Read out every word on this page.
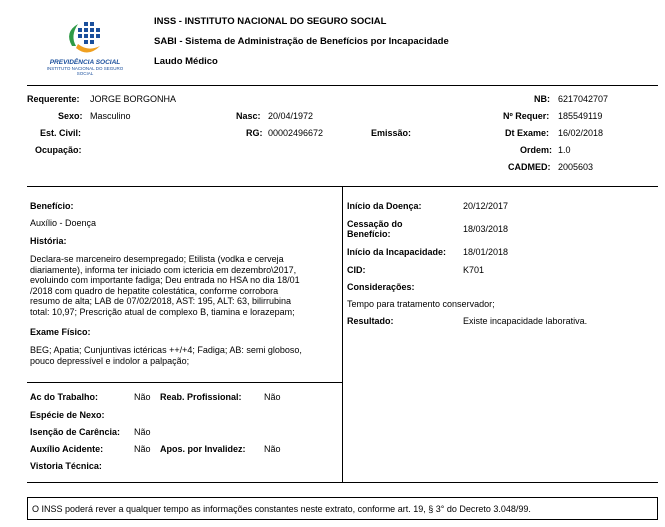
PREVIDÊNCIA SOCIAL
INSTITUTO NACIONAL DO SEGURO SOCIAL
INSS - INSTITUTO NACIONAL DO SEGURO SOCIAL
SABI - Sistema de Administração de Benefícios por Incapacidade
Laudo Médico
Requerente: JORGE BORGONHA
Sexo: Masculino	Nasc: 20/04/1972
Est. Civil:	RG: 00002496672	Emissão:
Ocupação:
NB: 6217042707
Nº Requer: 185549119
Dt Exame: 16/02/2018
Ordem: 1.0
CADMED: 2005603
Benefício:
Auxílio - Doença
História:
Declara-se marceneiro desempregado; Etilista (vodka e cerveja
diariamente), informa ter iniciado com ictericia em dezembro\2017,
evoluindo com importante fadiga; Deu entrada no HSA no dia 18/01
/2018 com quadro de hepatite colestática, conforme corrobora
resumo de alta; LAB de 07/02/2018, AST: 195, ALT: 63, bilirrubina
total: 10,97; Prescrição atual de complexo B, tiamina e lorazepam;
Exame Físico:
BEG; Apatia; Cunjuntivas ictéricas ++/+4; Fadiga; AB: semi globoso,
pouco depressível e indolor a palpação;
Início da Doença:	20/12/2017
Cessação do
Benefício:	18/03/2018
Início da Incapacidade: 18/01/2018
CID:	K701
Considerações:
Tempo para tratamento conservador;
Resultado:	Existe incapacidade laborativa.
Ac do Trabalho:	Não Reab. Profissional: Não
Espécie de Nexo:
Isenção de Carência: Não
Auxílio Acidente:	Não Apos. por Invalidez: Não
Vistoria Técnica:
O INSS poderá rever a qualquer tempo as informações constantes neste extrato, conforme art. 19, § 3° do Decreto 3.048/99.
